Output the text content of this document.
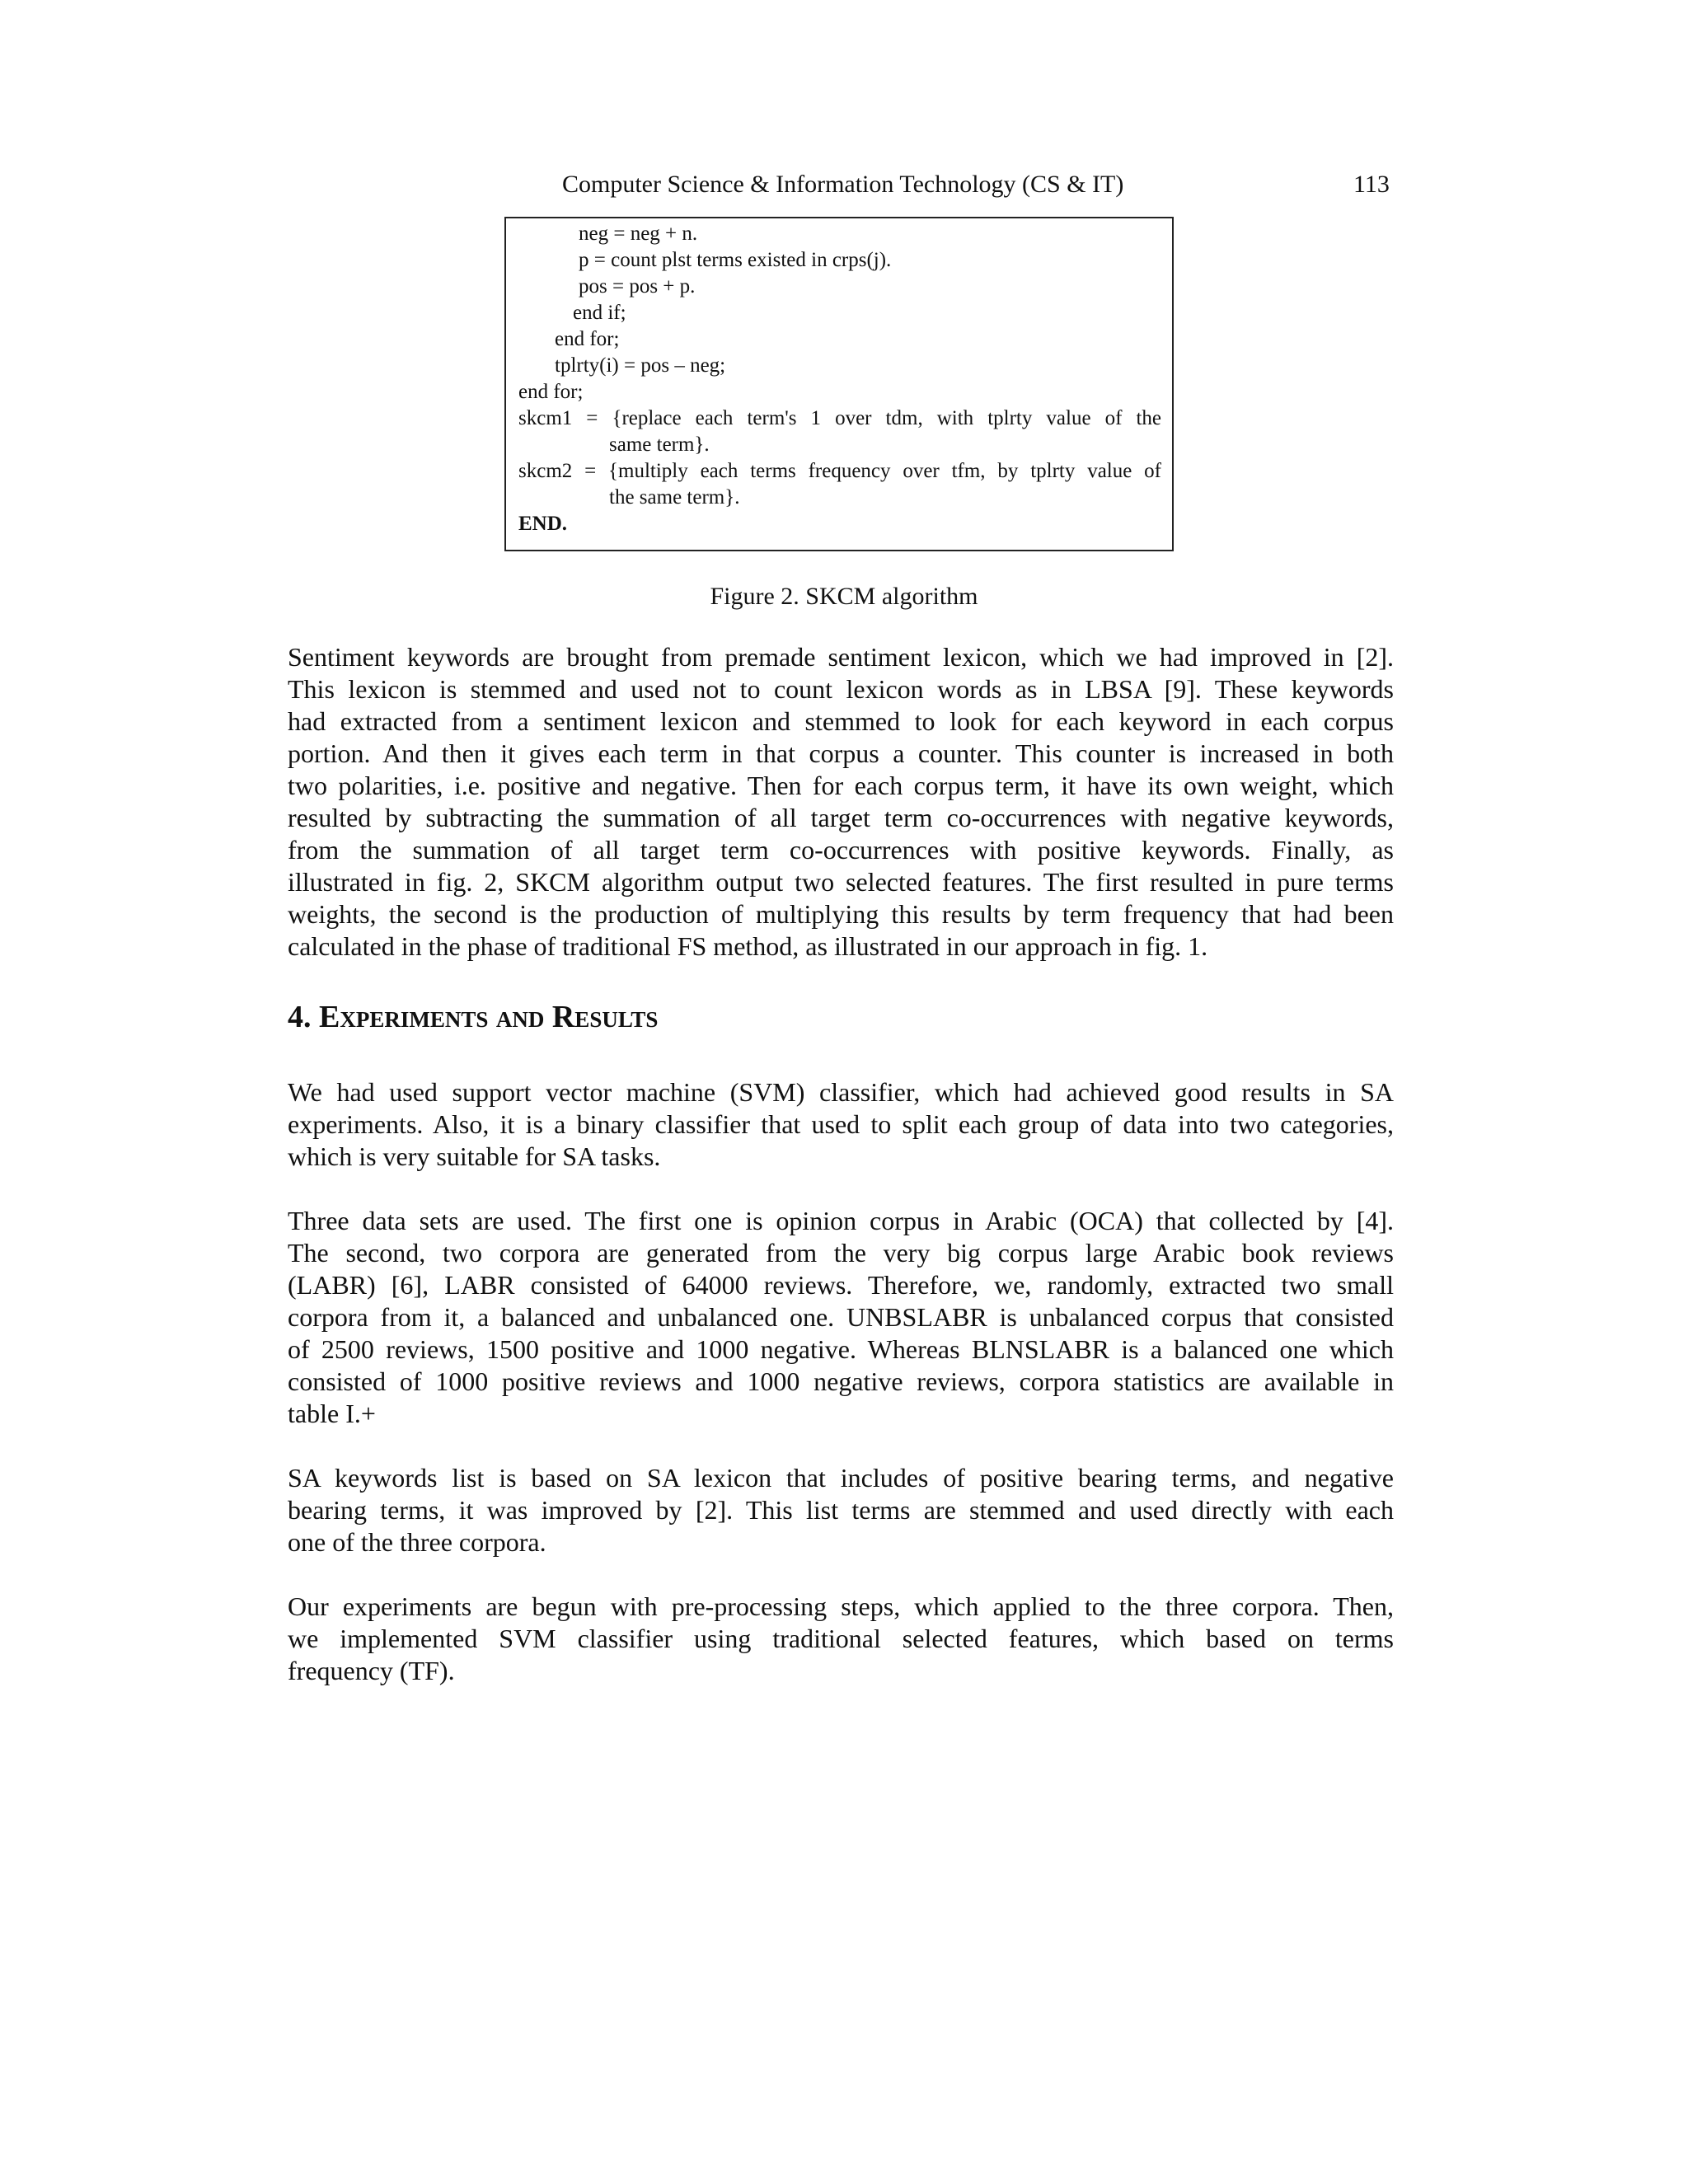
Computer Science & Information Technology (CS & IT)	113
neg = neg + n.
p = count plst terms existed in crps(j).
pos = pos + p.
end if;
end for;
tplrty(i) = pos – neg;
end for;
skcm1 = {replace each term's 1 over tdm, with tplrty value of the
same term}.
skcm2 = {multiply each terms frequency over tfm, by tplrty value of
the same term}.
END.
Figure 2. SKCM algorithm
Sentiment keywords are brought from premade sentiment lexicon, which we had improved in [2].
This lexicon is stemmed and used not to count lexicon words as in LBSA [9]. These keywords
had extracted from a sentiment lexicon and stemmed to look for each keyword in each corpus
portion. And then it gives each term in that corpus a counter. This counter is increased in both
two polarities, i.e. positive and negative. Then for each corpus term, it have its own weight, which
resulted by subtracting the summation of all target term co-occurrences with negative keywords,
from the summation of all target term co-occurrences with positive keywords. Finally, as
illustrated in fig. 2, SKCM algorithm output two selected features. The first resulted in pure terms
weights, the second is the production of multiplying this results by term frequency that had been
calculated in the phase of traditional FS method, as illustrated in our approach in fig. 1.
4. Experiments and Results
We had used support vector machine (SVM) classifier, which had achieved good results in SA
experiments. Also, it is a binary classifier that used to split each group of data into two categories,
which is very suitable for SA tasks.
Three data sets are used. The first one is opinion corpus in Arabic (OCA) that collected by [4].
The second, two corpora are generated from the very big corpus large Arabic book reviews
(LABR) [6], LABR consisted of 64000 reviews. Therefore, we, randomly, extracted two small
corpora from it, a balanced and unbalanced one. UNBSLABR is unbalanced corpus that consisted
of 2500 reviews, 1500 positive and 1000 negative. Whereas BLNSLABR is a balanced one which
consisted of 1000 positive reviews and 1000 negative reviews, corpora statistics are available in
table I.+
SA keywords list is based on SA lexicon that includes of positive bearing terms, and negative
bearing terms, it was improved by [2]. This list terms are stemmed and used directly with each
one of the three corpora.
Our experiments are begun with pre-processing steps, which applied to the three corpora. Then,
we implemented SVM classifier using traditional selected features, which based on terms
frequency (TF).
